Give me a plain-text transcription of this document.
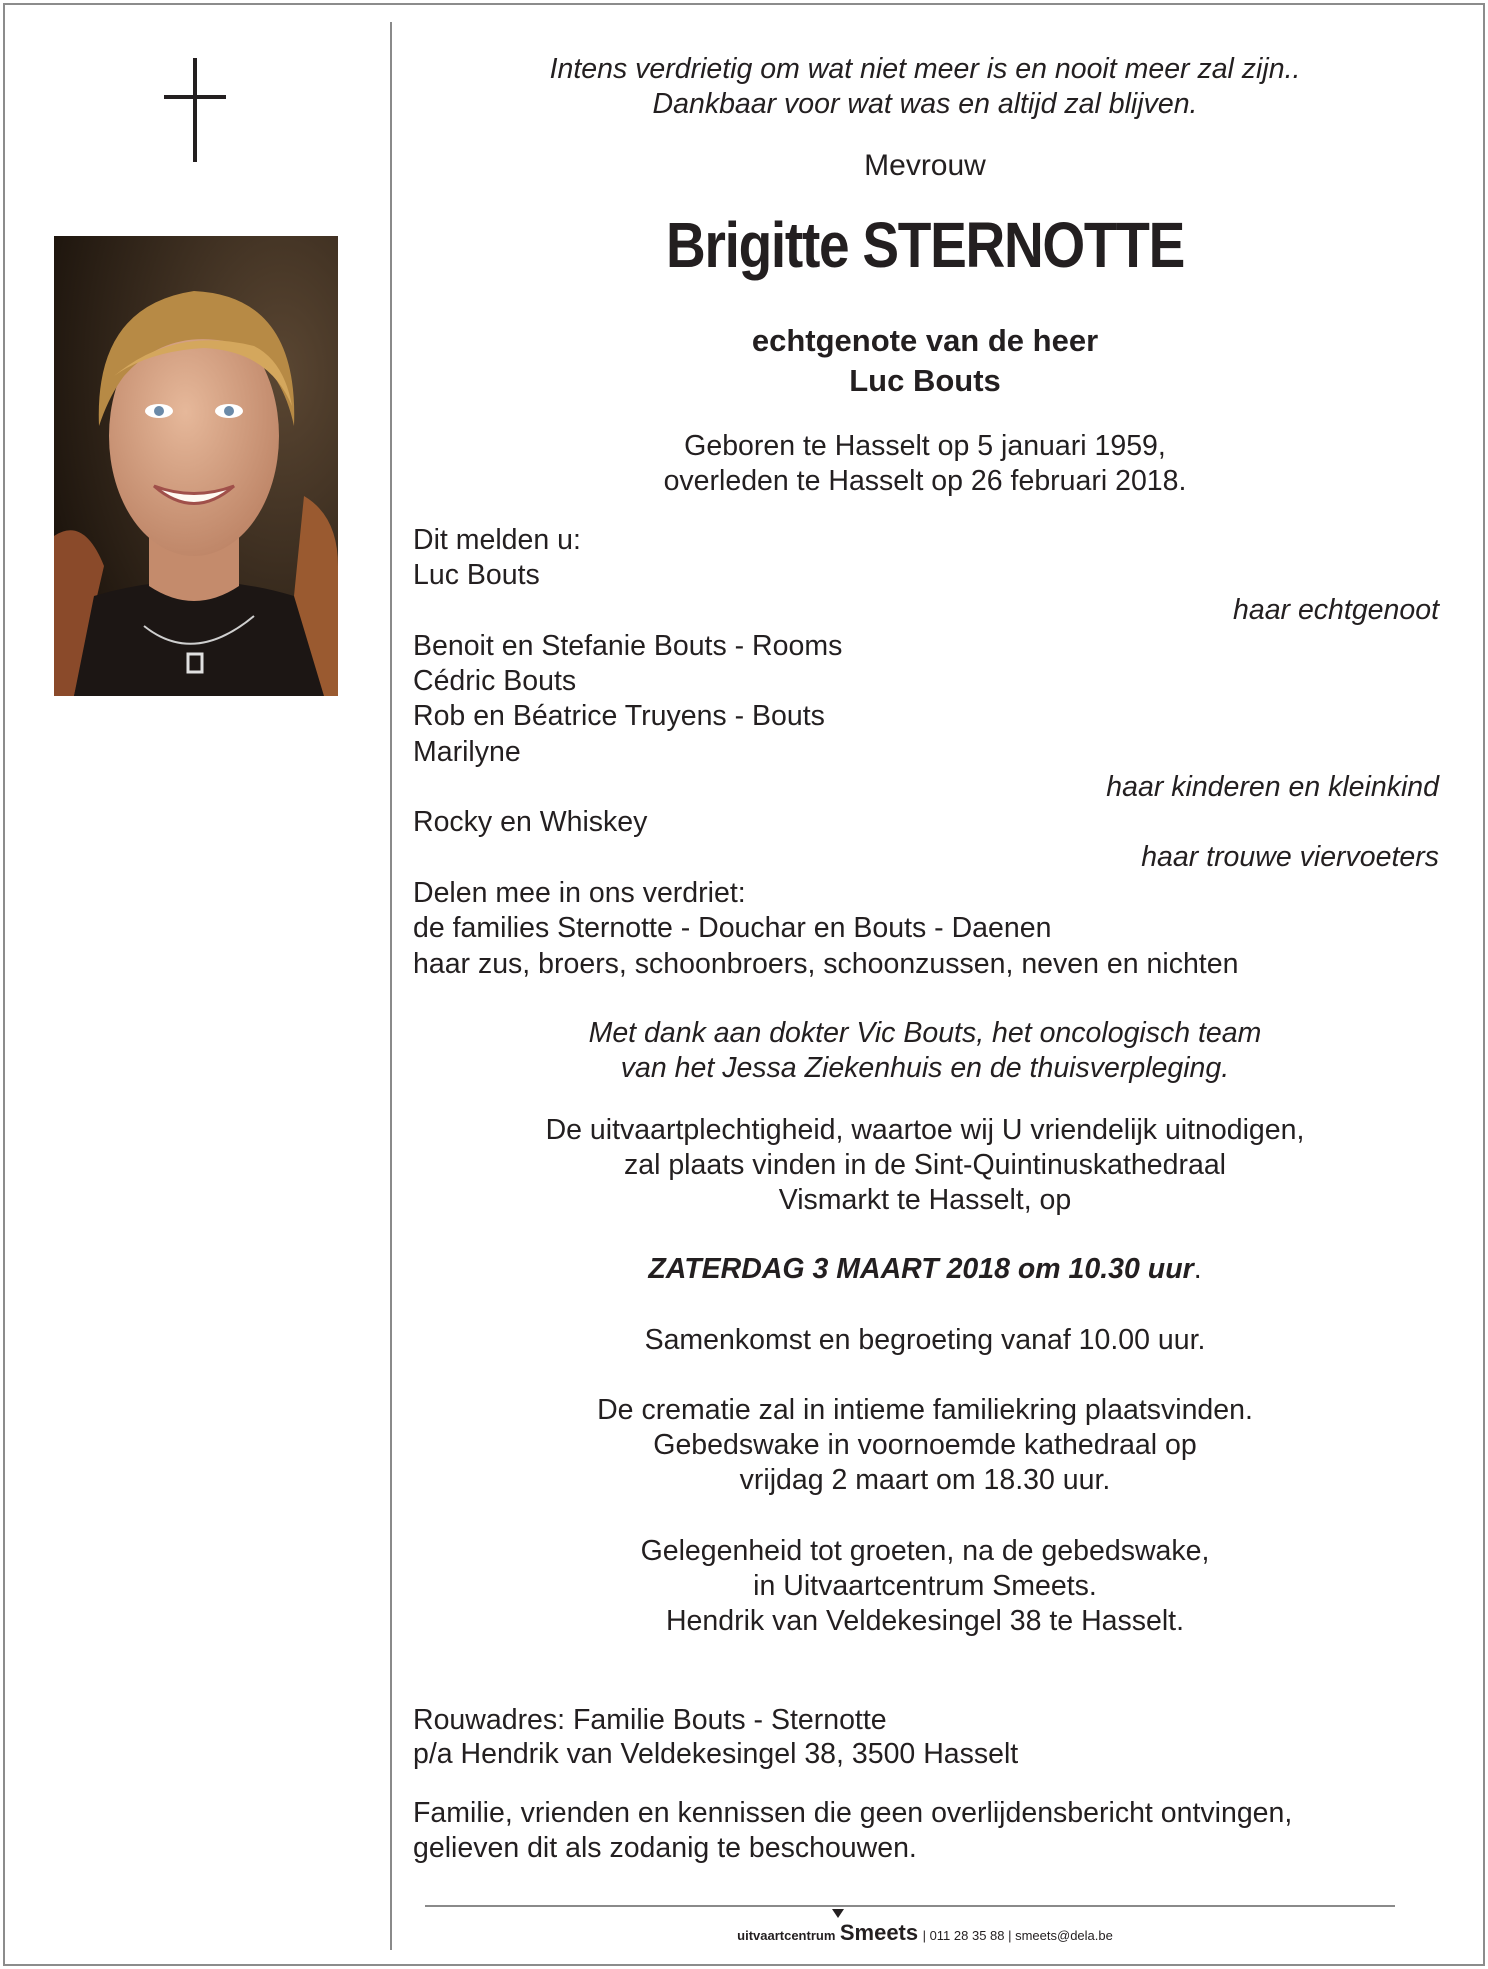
Intens verdrietig om wat niet meer is en nooit meer zal zijn..
Dankbaar voor wat was en altijd zal blijven.
Mevrouw
Brigitte STERNOTTE
echtgenote van de heer
Luc Bouts
Geboren te Hasselt op 5 januari 1959,
overleden te Hasselt op 26 februari 2018.
Dit melden u:
Luc Bouts

Benoit en Stefanie Bouts - Rooms
Cédric Bouts
Rob en Béatrice Truyens - Bouts
Marilyne

Rocky en Whiskey

Delen mee in ons verdriet:
de families Sternotte - Douchar en Bouts - Daenen
haar zus, broers, schoonbroers, schoonzussen, neven en nichten
haar echtgenoot
haar kinderen en kleinkind
haar trouwe viervoeters
Met dank aan dokter Vic Bouts, het oncologisch team
van het Jessa Ziekenhuis en de thuisverpleging.
De uitvaartplechtigheid, waartoe wij U vriendelijk uitnodigen,
zal plaats vinden in de Sint-Quintinuskathedraal
Vismarkt te Hasselt, op
ZATERDAG 3 MAART 2018 om 10.30 uur.
Samenkomst en begroeting vanaf 10.00 uur.
De crematie zal in intieme familiekring plaatsvinden.
Gebedswake in voornoemde kathedraal op
vrijdag 2 maart om 18.30 uur.
Gelegenheid tot groeten, na de gebedswake,
in Uitvaartcentrum Smeets.
Hendrik van Veldekesingel 38 te Hasselt.
Rouwadres: Familie Bouts - Sternotte
p/a Hendrik van Veldekesingel 38, 3500 Hasselt
Familie, vrienden en kennissen die geen overlijdensbericht ontvingen,
gelieven dit als zodanig te beschouwen.
uitvaartcentrum Smeets | 011 28 35 88 | smeets@dela.be
